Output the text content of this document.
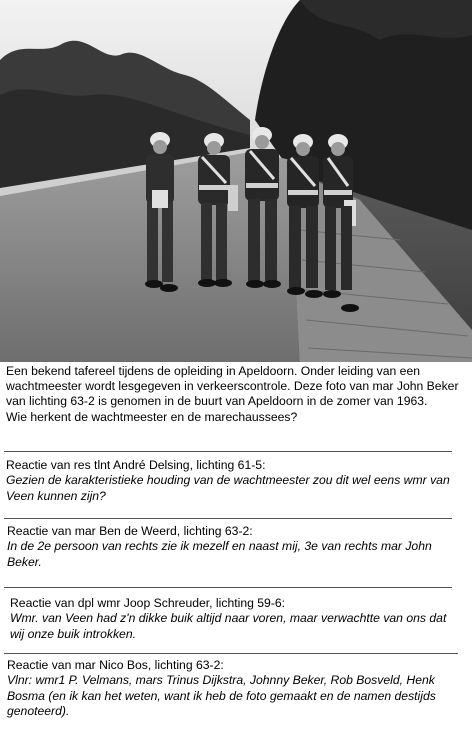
Een bekend tafereel tijdens de opleiding in Apeldoorn. Onder leiding van een wachtmeester wordt lesgegeven in verkeerscontrole. Deze foto van mar John Beker van lichting 63-2 is genomen in de buurt van Apeldoorn in de zomer van 1963.

Wie herkent de wachtmeester en de marechaussees?

Reactie van res tlnt André Delsing, lichting 61-5:

Gezien de karakteristieke houding van de wachtmeester zou dit wel eens wmr van Veen kunnen zijn?

Reactie van mar Ben de Weerd, lichting 63-2:

In de 2e persoon van rechts zie ik mezelf en naast mij, 3e van rechts mar John Beker.

Reactie van dpl wmr Joop Schreuder, lichting 59-6:

Wmr. van Veen had z'n dikke buik altijd naar voren, maar verwachtte van ons dat wij onze buik introkken.

Reactie van mar Nico Bos, lichting 63-2:

Vlnr: wmr1 P. Velmans, mars Trinus Dijkstra, Johnny Beker, Rob Bosveld, Henk Bosma (en ik kan het weten, want ik heb de foto gemaakt en de namen destijds genoteerd).
